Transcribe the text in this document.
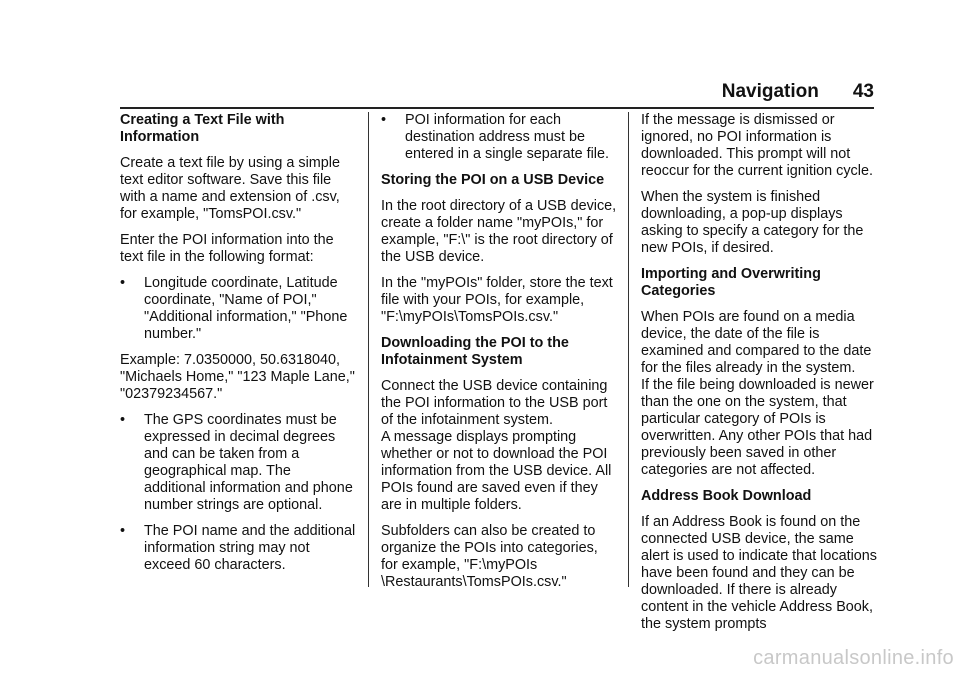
Navigation 43
Creating a Text File with Information

Create a text file by using a simple text editor software. Save this file with a name and extension of .csv, for example, "TomsPOI.csv."

Enter the POI information into the text file in the following format:

•	Longitude coordinate, Latitude coordinate, "Name of POI," "Additional information," "Phone number."

Example: 7.0350000, 50.6318040, "Michaels Home," "123 Maple Lane," "02379234567."

•	The GPS coordinates must be expressed in decimal degrees and can be taken from a geographical map. The additional information and phone number strings are optional.
•	The POI name and the additional information string may not exceed 60 characters.
•	POI information for each destination address must be entered in a single separate file.
Storing the POI on a USB Device

In the root directory of a USB device, create a folder name "myPOIs," for example, "F:\" is the root directory of the USB device.

In the "myPOIs" folder, store the text file with your POIs, for example, "F:\myPOIs\TomsPOIs.csv."

Downloading the POI to the Infotainment System

Connect the USB device containing the POI information to the USB port of the infotainment system.

A message displays prompting whether or not to download the POI information from the USB device. All POIs found are saved even if they are in multiple folders.

Subfolders can also be created to organize the POIs into categories, for example, "F:\myPOIs \Restaurants\TomsPOIs.csv."

If the message is dismissed or ignored, no POI information is downloaded. This prompt will not reoccur for the current ignition cycle.

When the system is finished downloading, a pop-up displays asking to specify a category for the new POIs, if desired.

Importing and Overwriting Categories

When POIs are found on a media device, the date of the file is examined and compared to the date for the files already in the system.

If the file being downloaded is newer than the one on the system, that particular category of POIs is overwritten. Any other POIs that had previously been saved in other categories are not affected.

Address Book Download

If an Address Book is found on the connected USB device, the same alert is used to indicate that locations have been found and they can be downloaded. If there is already content in the vehicle Address Book, the system prompts

carmanualsonline.info
